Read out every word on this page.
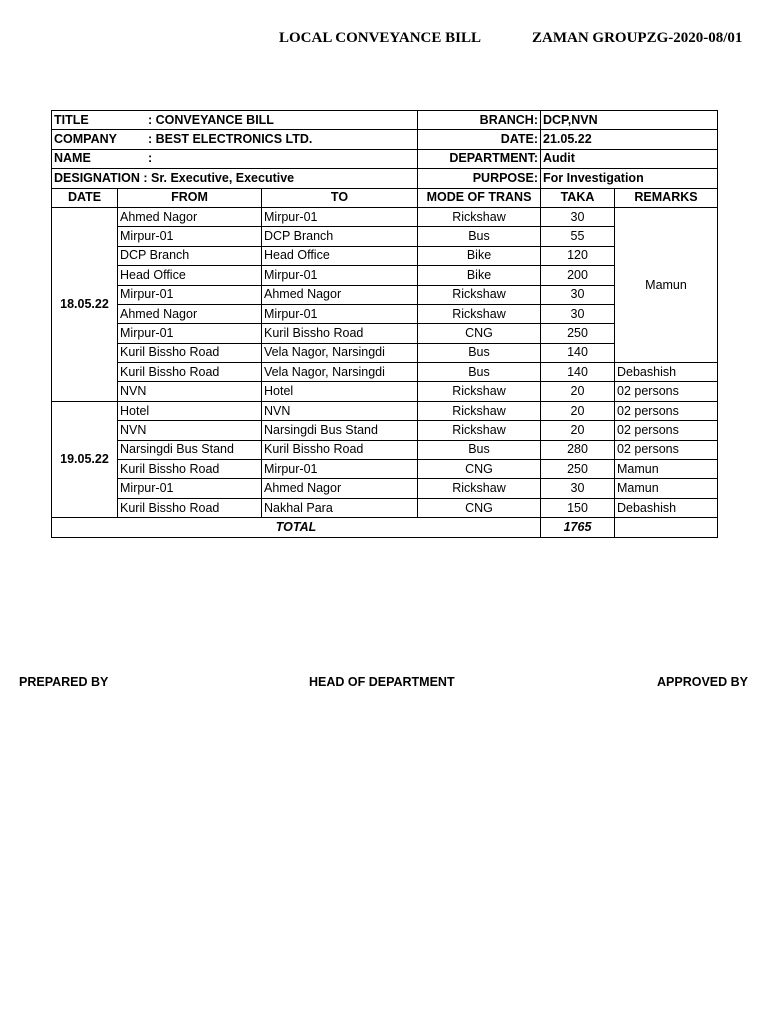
LOCAL CONVEYANCE BILL	ZAMAN GROUPZG-2020-08/01
TITLE : CONVEYANCE BILL			BRANCH:	DCP,NVN	
COMPANY : BEST ELECTRONICS LTD.			DATE:	21.05.22	
NAME :			DEPARTMENT:	Audit	
DESIGNATION : Sr. Executive, Executive			PURPOSE:	For Investigation	
DATE	FROM	TO	MODE OF TRANS	TAKA	REMARKS
18.05.22	Ahmed Nagor	Mirpur-01	Rickshaw	30	Mamun
	Mirpur-01	DCP Branch	Bus	55	
	DCP Branch	Head Office	Bike	120	
	Head Office	Mirpur-01	Bike	200	
	Mirpur-01	Ahmed Nagor	Rickshaw	30	
	Ahmed Nagor	Mirpur-01	Rickshaw	30	
	Mirpur-01	Kuril Bissho Road	CNG	250	
	Kuril Bissho Road	Vela Nagor, Narsingdi	Bus	140	
	Kuril Bissho Road	Vela Nagor, Narsingdi	Bus	140	Debashish
	NVN	Hotel	Rickshaw	20	02 persons
19.05.22	Hotel	NVN	Rickshaw	20	02 persons
	NVN	Narsingdi Bus Stand	Rickshaw	20	02 persons
	Narsingdi Bus Stand	Kuril Bissho Road	Bus	280	02 persons
	Kuril Bissho Road	Mirpur-01	CNG	250	Mamun
	Mirpur-01	Ahmed Nagor	Rickshaw	30	Mamun
	Kuril Bissho Road	Nakhal Para	CNG	150	Debashish
TOTAL				1765	
PREPARED BY	HEAD OF DEPARTMENT	APPROVED BY
